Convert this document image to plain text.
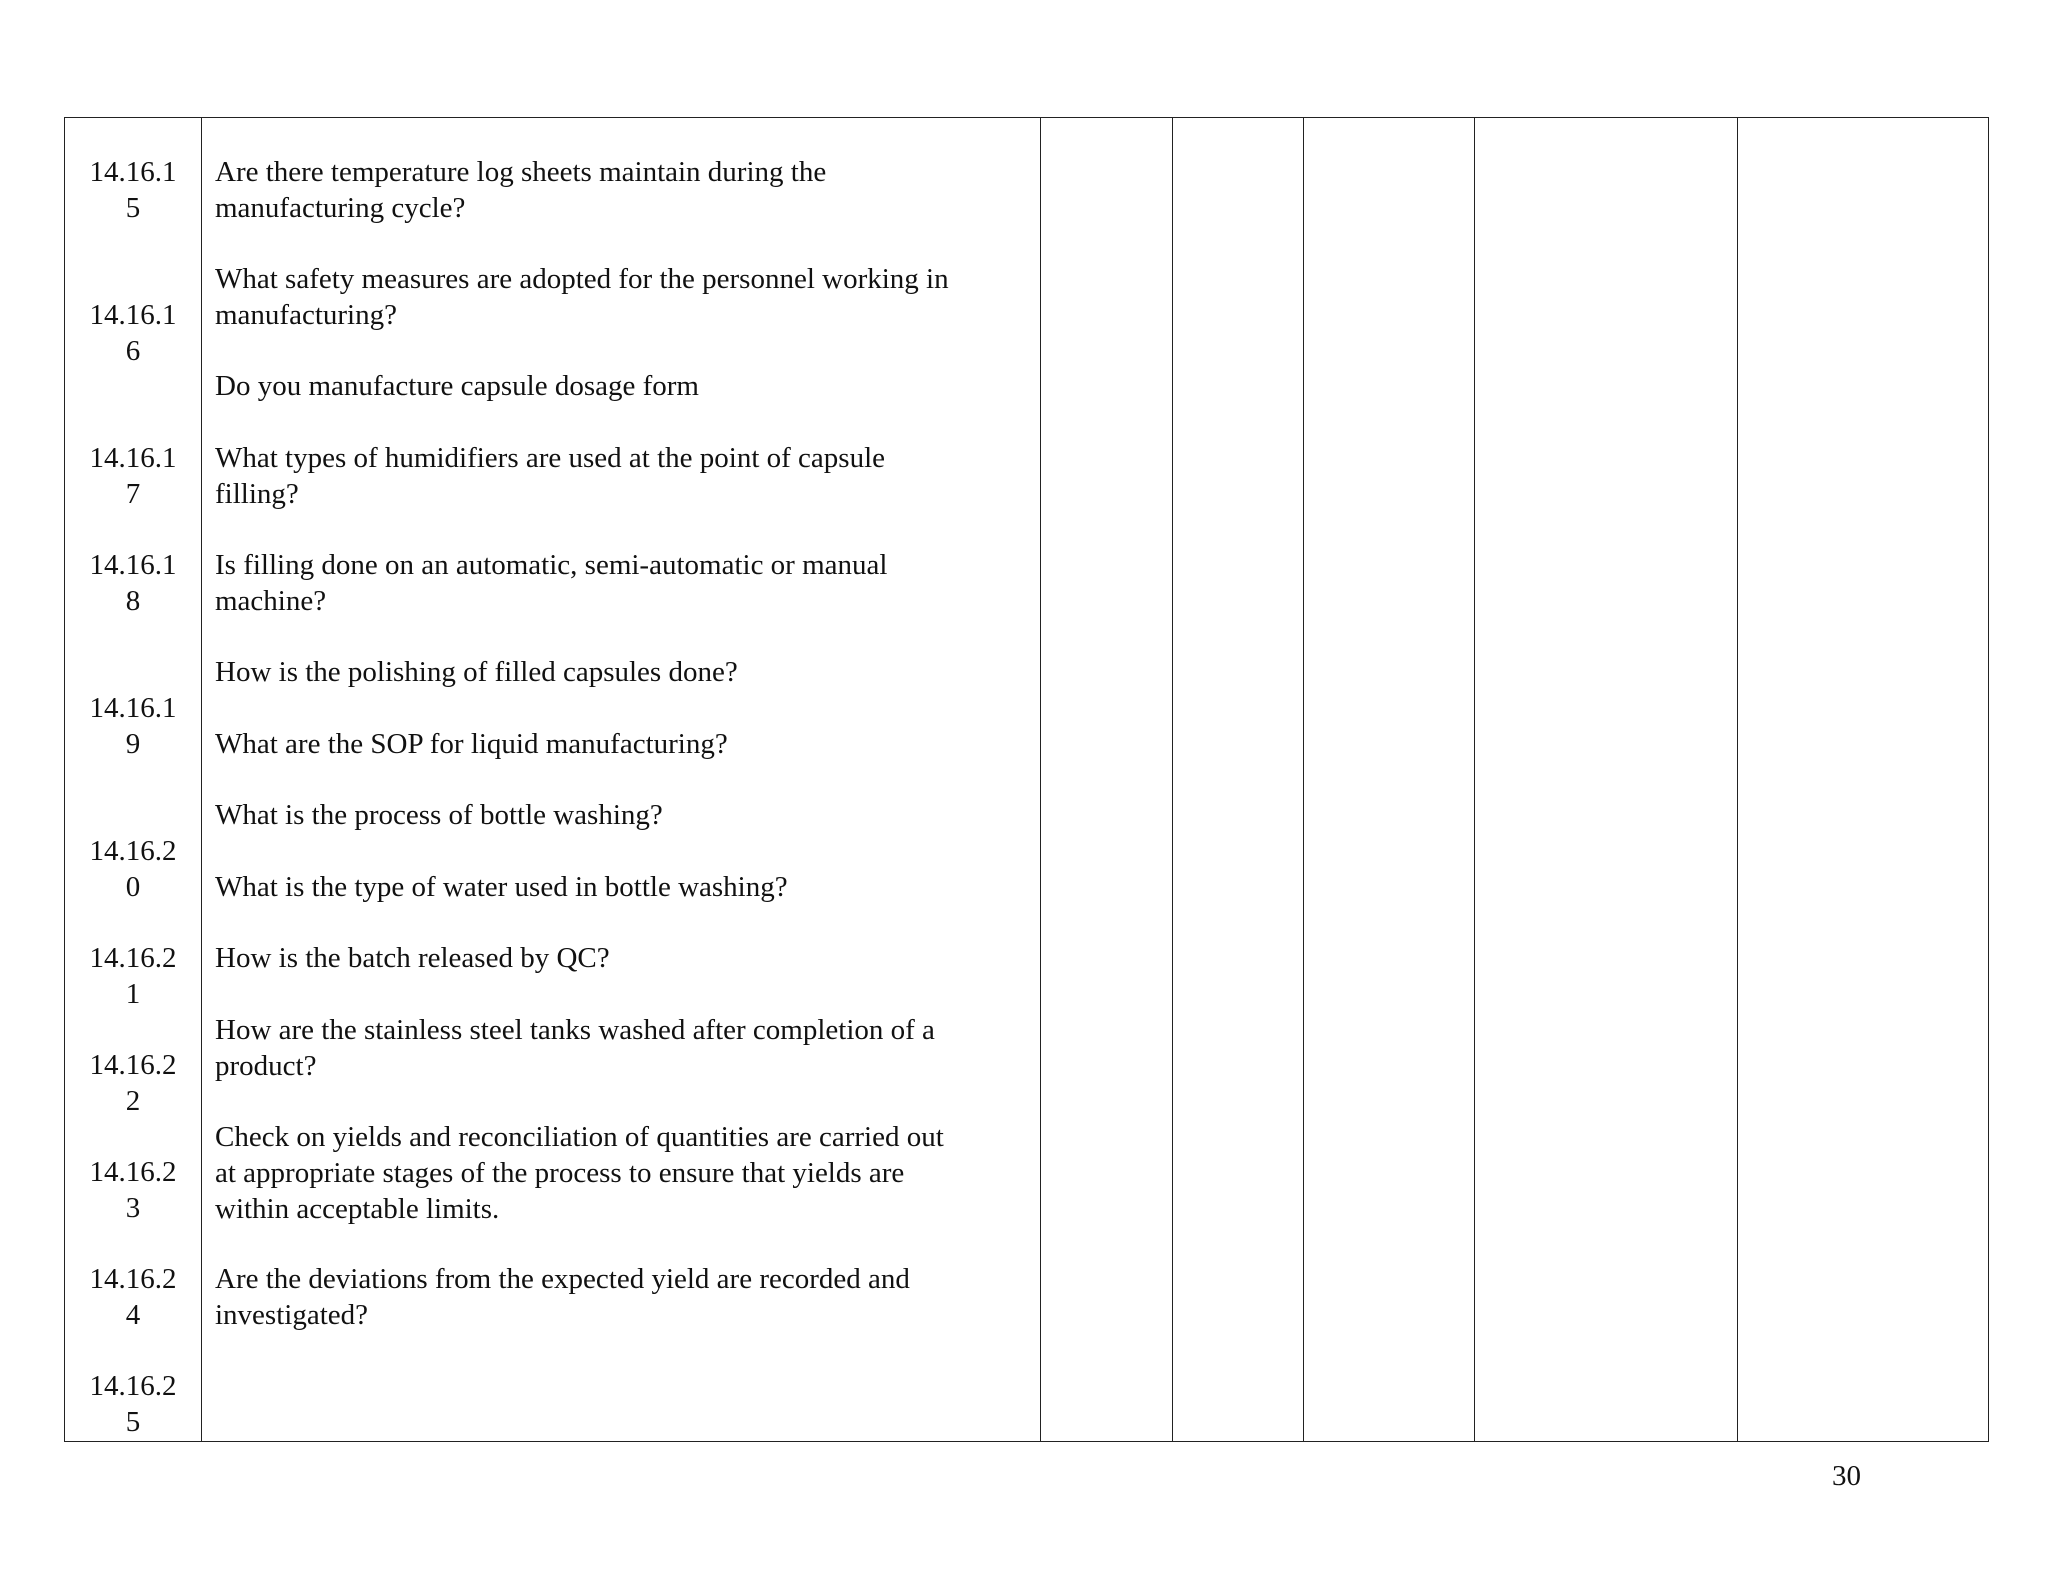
14.16.1
5
14.16.1
6
14.16.1
7
14.16.1
8
14.16.1
9
14.16.2
0
14.16.2
1
14.16.2
2
14.16.2
3
14.16.2
4
14.16.2
5
Are there temperature log sheets maintain during the
manufacturing cycle?
What safety measures are adopted for the personnel working in
manufacturing?
Do you manufacture capsule dosage form
What types of humidifiers are used at the point of capsule
filling?
Is filling done on an automatic, semi-automatic or manual
machine?
How is the polishing of filled capsules done?
What are the SOP for liquid manufacturing?
What is the process of bottle washing?
What is the type of water used in bottle washing?
How is the batch released by QC?
How are the stainless steel tanks washed after completion of a
product?
Check on yields and reconciliation of quantities are carried out
at appropriate stages of the process to ensure that yields are
within acceptable limits.
Are the deviations from the expected yield are recorded and
investigated?
30
